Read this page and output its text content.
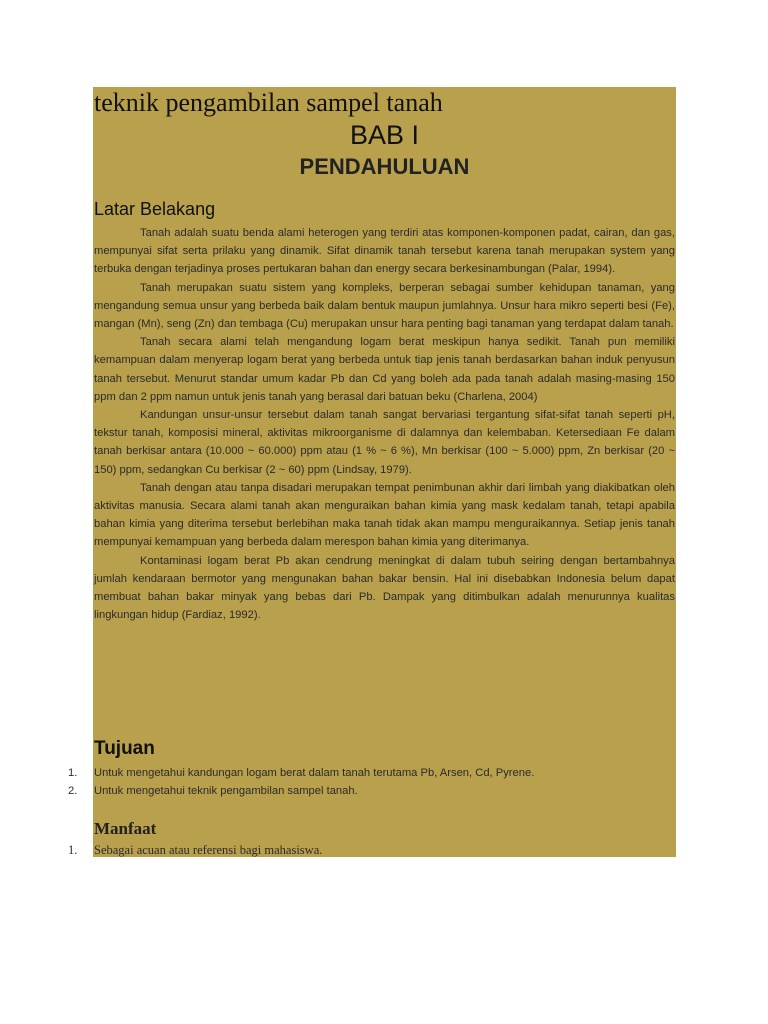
teknik pengambilan sampel tanah
BAB I
PENDAHULUAN
Latar Belakang

Tanah adalah suatu benda alami heterogen yang terdiri atas komponen-komponen padat, cairan, dan gas, mempunyai sifat serta prilaku yang dinamik. Sifat dinamik tanah tersebut karena tanah merupakan system yang terbuka dengan terjadinya proses pertukaran bahan dan energy secara berkesinambungan (Palar, 1994).

Tanah merupakan suatu sistem yang kompleks, berperan sebagai sumber kehidupan tanaman, yang mengandung semua unsur yang berbeda baik dalam bentuk maupun jumlahnya. Unsur hara mikro seperti besi (Fe), mangan (Mn), seng (Zn) dan tembaga (Cu) merupakan unsur hara penting bagi tanaman yang terdapat dalam tanah.

Tanah secara alami telah mengandung logam berat meskipun hanya sedikit. Tanah pun memiliki kemampuan dalam menyerap logam berat yang berbeda untuk tiap jenis tanah berdasarkan bahan induk penyusun tanah tersebut. Menurut standar umum kadar Pb dan Cd yang boleh ada pada tanah adalah masing-masing 150 ppm dan 2 ppm namun untuk jenis tanah yang berasal dari batuan beku (Charlena, 2004)

Kandungan unsur-unsur tersebut dalam tanah sangat bervariasi tergantung sifat-sifat tanah seperti pH, tekstur tanah, komposisi mineral, aktivitas mikroorganisme di dalamnya dan kelembaban. Ketersediaan Fe dalam tanah berkisar antara (10.000 ~ 60.000) ppm atau (1 % ~ 6 %), Mn berkisar (100 ~ 5.000) ppm, Zn berkisar (20 ~ 150) ppm, sedangkan Cu berkisar (2 ~ 60) ppm (Lindsay, 1979).

Tanah dengan atau tanpa disadari merupakan tempat penimbunan akhir dari limbah yang diakibatkan oleh aktivitas manusia. Secara alami tanah akan menguraikan bahan kimia yang mask kedalam tanah, tetapi apabila bahan kimia yang diterima tersebut berlebihan maka tanah tidak akan mampu menguraikannya. Setiap jenis tanah mempunyai kemampuan yang berbeda dalam merespon bahan kimia yang diterimanya.

Kontaminasi logam berat Pb akan cendrung meningkat di dalam tubuh seiring dengan bertambahnya jumlah kendaraan bermotor yang mengunakan bahan bakar bensin. Hal ini disebabkan Indonesia belum dapat membuat bahan bakar minyak yang bebas dari Pb. Dampak yang ditimbulkan adalah menurunnya kualitas lingkungan hidup (Fardiaz, 1992).

Tujuan
1. Untuk mengetahui kandungan logam berat dalam tanah terutama Pb, Arsen, Cd, Pyrene.
2. Untuk mengetahui teknik pengambilan sampel tanah.
Manfaat
1. Sebagai acuan atau referensi bagi mahasiswa.
